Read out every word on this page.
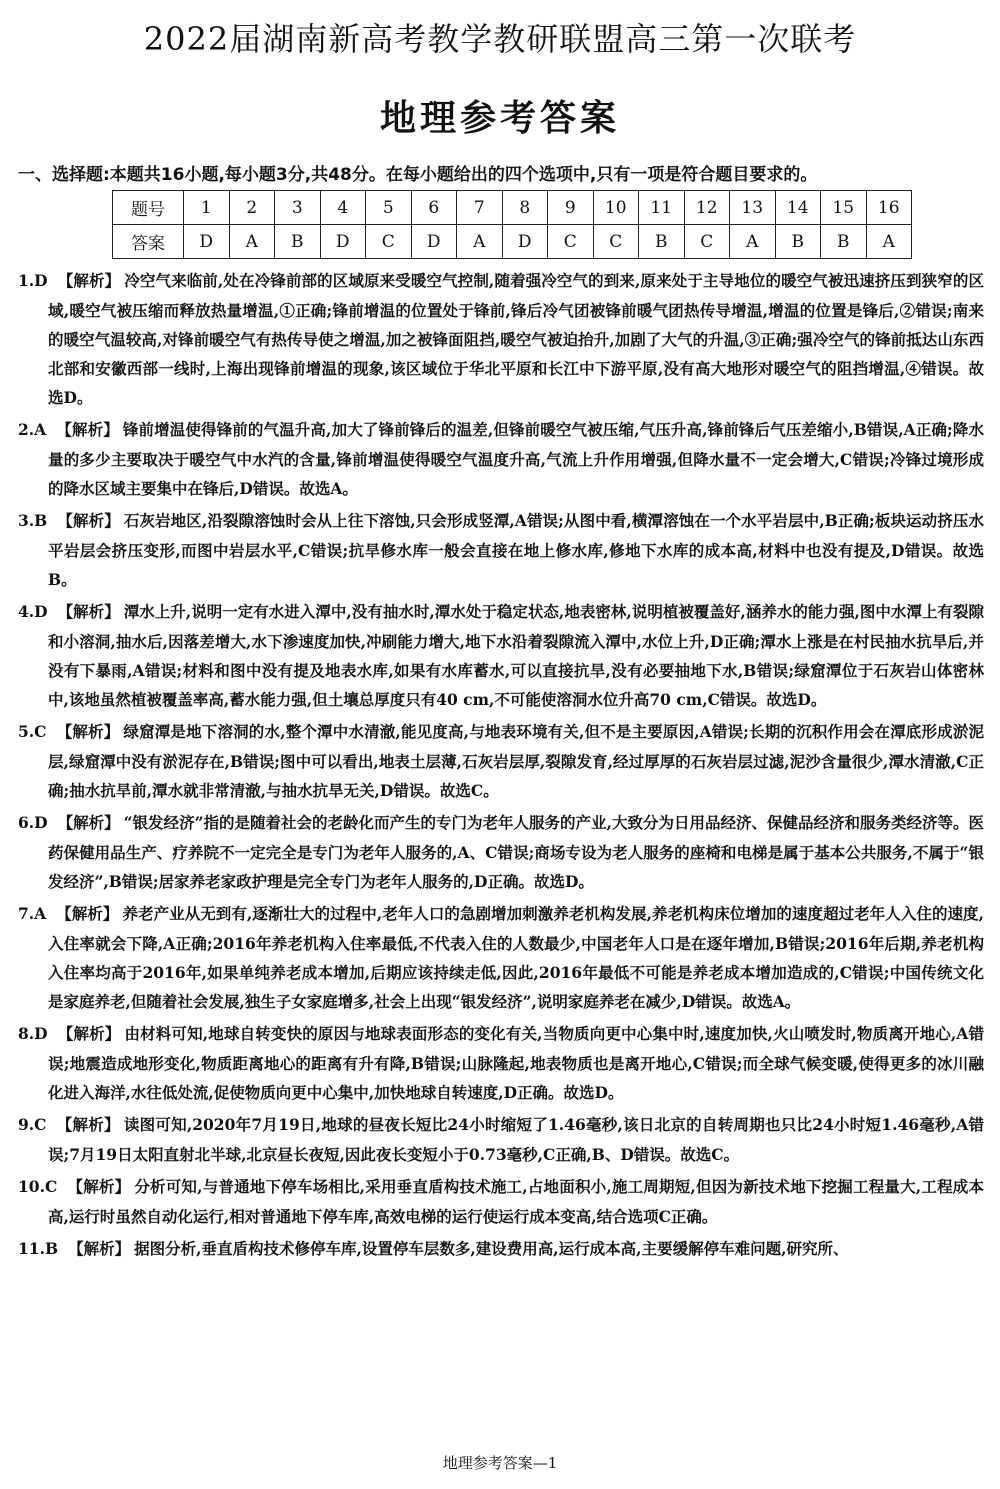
2022届湖南新高考教学教研联盟高三第一次联考
地理参考答案
一、选择题:本题共16小题,每小题3分,共48分。在每小题给出的四个选项中,只有一项是符合题目要求的。
题号	1	2	3	4	5	6	7	8	9	10	11	12	13	14	15	16
答案	D	A	B	D	C	D	A	D	C	C	B	C	A	B	B	A

1.D 【解析】 冷空气来临前,处在冷锋前部的区域原来受暖空气控制,随着强冷空气的到来,原来处于主导地位的暖空气被迅速挤压到狭窄的区域,暖空气被压缩而释放热量增温,①正确;锋前增温的位置处于锋前,锋后冷气团被锋前暖气团热传导增温,增温的位置是锋后,②错误;南来的暖空气温较高,对锋前暖空气有热传导使之增温,加之被锋面阻挡,暖空气被迫抬升,加剧了大气的升温,③正确;强冷空气的锋前抵达山东西北部和安徽西部一线时,上海出现锋前增温的现象,该区域位于华北平原和长江中下游平原,没有高大地形对暖空气的阻挡增温,④错误。故选D。

2.A 【解析】 锋前增温使得锋前的气温升高,加大了锋前锋后的温差,但锋前暖空气被压缩,气压升高,锋前锋后气压差缩小,B错误,A正确;降水量的多少主要取决于暖空气中水汽的含量,锋前增温使得暖空气温度升高,气流上升作用增强,但降水量不一定会增大,C错误;冷锋过境形成的降水区域主要集中在锋后,D错误。故选A。

3.B 【解析】 石灰岩地区,沿裂隙溶蚀时会从上往下溶蚀,只会形成竖潭,A错误;从图中看,横潭溶蚀在一个水平岩层中,B正确;板块运动挤压水平岩层会挤压变形,而图中岩层水平,C错误;抗旱修水库一般会直接在地上修水库,修地下水库的成本高,材料中也没有提及,D错误。故选B。

4.D 【解析】 潭水上升,说明一定有水进入潭中,没有抽水时,潭水处于稳定状态,地表密林,说明植被覆盖好,涵养水的能力强,图中水潭上有裂隙和小溶洞,抽水后,因落差增大,水下渗速度加快,冲刷能力增大,地下水沿着裂隙流入潭中,水位上升,D正确;潭水上涨是在村民抽水抗旱后,并没有下暴雨,A错误;材料和图中没有提及地表水库,如果有水库蓄水,可以直接抗旱,没有必要抽地下水,B错误;绿窟潭位于石灰岩山体密林中,该地虽然植被覆盖率高,蓄水能力强,但土壤总厚度只有40 cm,不可能使溶洞水位升高70 cm,C错误。故选D。

5.C 【解析】 绿窟潭是地下溶洞的水,整个潭中水清澈,能见度高,与地表环境有关,但不是主要原因,A错误;长期的沉积作用会在潭底形成淤泥层,绿窟潭中没有淤泥存在,B错误;图中可以看出,地表土层薄,石灰岩层厚,裂隙发育,经过厚厚的石灰岩层过滤,泥沙含量很少,潭水清澈,C正确;抽水抗旱前,潭水就非常清澈,与抽水抗旱无关,D错误。故选C。

6.D 【解析】 “银发经济”指的是随着社会的老龄化而产生的专门为老年人服务的产业,大致分为日用品经济、保健品经济和服务类经济等。医药保健用品生产、疗养院不一定完全是专门为老年人服务的,A、C错误;商场专设为老人服务的座椅和电梯是属于基本公共服务,不属于“银发经济”,B错误;居家养老家政护理是完全专门为老年人服务的,D正确。故选D。

7.A 【解析】 养老产业从无到有,逐渐壮大的过程中,老年人口的急剧增加刺激养老机构发展,养老机构床位增加的速度超过老年人入住的速度,入住率就会下降,A正确;2016年养老机构入住率最低,不代表入住的人数最少,中国老年人口是在逐年增加,B错误;2016年后期,养老机构入住率均高于2016年,如果单纯养老成本增加,后期应该持续走低,因此,2016年最低不可能是养老成本增加造成的,C错误;中国传统文化是家庭养老,但随着社会发展,独生子女家庭增多,社会上出现“银发经济”,说明家庭养老在减少,D错误。故选A。

8.D 【解析】 由材料可知,地球自转变快的原因与地球表面形态的变化有关,当物质向更中心集中时,速度加快,火山喷发时,物质离开地心,A错误;地震造成地形变化,物质距离地心的距离有升有降,B错误;山脉隆起,地表物质也是离开地心,C错误;而全球气候变暖,使得更多的冰川融化进入海洋,水往低处流,促使物质向更中心集中,加快地球自转速度,D正确。故选D。

9.C 【解析】 读图可知,2020年7月19日,地球的昼夜长短比24小时缩短了1.46毫秒,该日北京的自转周期也只比24小时短1.46毫秒,A错误;7月19日太阳直射北半球,北京昼长夜短,因此夜长变短小于0.73毫秒,C正确,B、D错误。故选C。

10.C 【解析】 分析可知,与普通地下停车场相比,采用垂直盾构技术施工,占地面积小,施工周期短,但因为新技术地下挖掘工程量大,工程成本高,运行时虽然自动化运行,相对普通地下停车库,高效电梯的运行使运行成本变高,结合选项C正确。

11.B 【解析】 据图分析,垂直盾构技术修停车库,设置停车层数多,建设费用高,运行成本高,主要缓解停车难问题,研究所、

地理参考答案—1
